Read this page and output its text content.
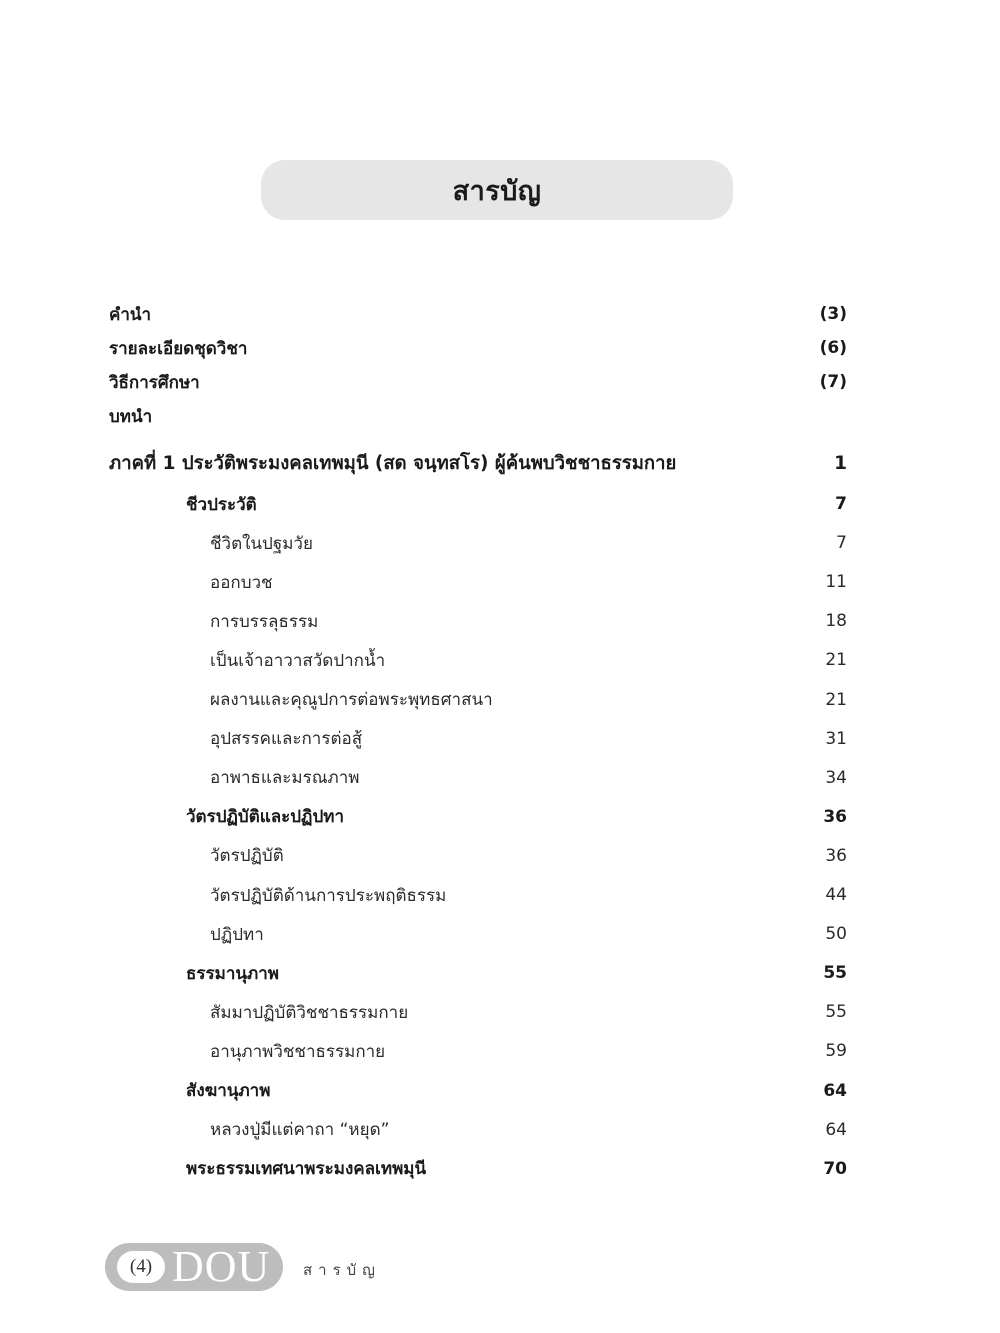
สารบัญ
คำนำ	(3)
รายละเอียดชุดวิชา	(6)
วิธีการศึกษา	(7)
บทนำ
ภาคที่ 1 ประวัติพระมงคลเทพมุนี (สด จนฺทสโร) ผู้ค้นพบวิชชาธรรมกาย	1
ชีวประวัติ	7
ชีวิตในปฐมวัย	7
ออกบวช	11
การบรรลุธรรม	18
เป็นเจ้าอาวาสวัดปากน้ำ	21
ผลงานและคุณูปการต่อพระพุทธศาสนา	21
อุปสรรคและการต่อสู้	31
อาพาธและมรณภาพ	34
วัตรปฏิบัติและปฏิปทา	36
วัตรปฏิบัติ	36
วัตรปฏิบัติด้านการประพฤติธรรม	44
ปฏิปทา	50
ธรรมานุภาพ	55
สัมมาปฏิบัติวิชชาธรรมกาย	55
อานุภาพวิชชาธรรมกาย	59
สังฆานุภาพ	64
หลวงปู่มีแต่คาถา “หยุด”	64
พระธรรมเทศนาพระมงคลเทพมุนี	70
(4) DOU สารบัญ
